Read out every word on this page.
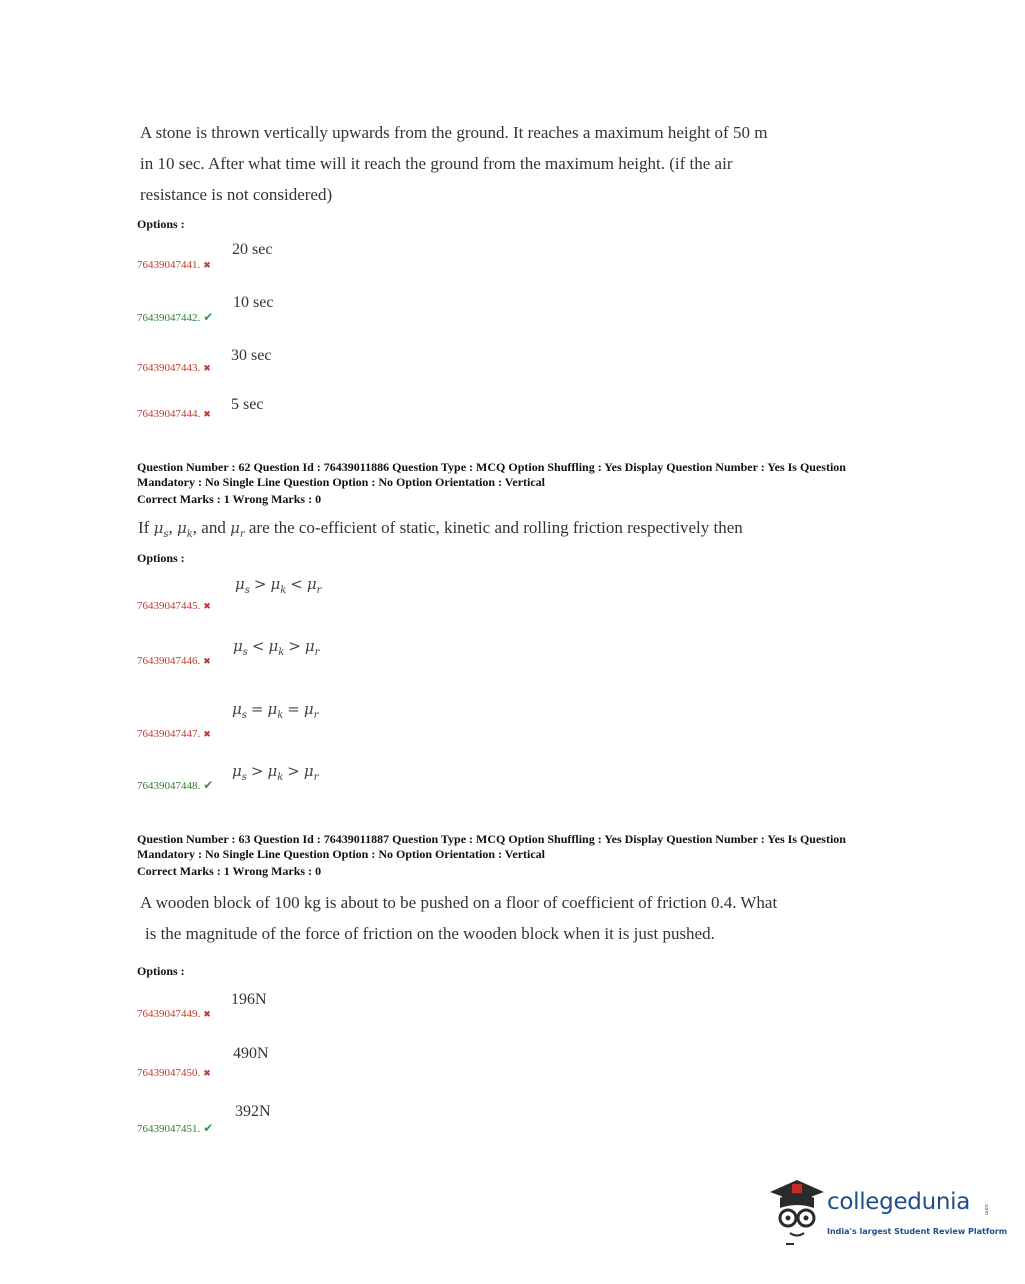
A stone is thrown vertically upwards from the ground. It reaches a maximum height of 50 m
in 10 sec. After what time will it reach the ground from the maximum height. (if the air
resistance is not considered)
Options :
76439047441. ✖
20 sec
76439047442. ✔
10 sec
76439047443. ✖
30 sec
76439047444. ✖
5 sec
Question Number : 62 Question Id : 76439011886 Question Type : MCQ Option Shuffling : Yes Display Question Number : Yes Is Question
Mandatory : No Single Line Question Option : No Option Orientation : Vertical
Correct Marks : 1 Wrong Marks : 0
If $\mu_s$, $\mu_k$, and $\mu_r$ are the co-efficient of static, kinetic and rolling friction respectively then
Options :
76439047445. ✖
$\mu_s > \mu_k < \mu_r$
76439047446. ✖
$\mu_s < \mu_k > \mu_r$
76439047447. ✖
$\mu_s = \mu_k = \mu_r$
76439047448. ✔
$\mu_s > \mu_k > \mu_r$
Question Number : 63 Question Id : 76439011887 Question Type : MCQ Option Shuffling : Yes Display Question Number : Yes Is Question
Mandatory : No Single Line Question Option : No Option Orientation : Vertical
Correct Marks : 1 Wrong Marks : 0
A wooden block of 100 kg is about to be pushed on a floor of coefficient of friction 0.4. What
is the magnitude of the force of friction on the wooden block when it is just pushed.
Options :
76439047449. ✖
196N
76439047450. ✖
490N
76439047451. ✔
392N
collegedunia	.com
India's largest Student Review Platform
